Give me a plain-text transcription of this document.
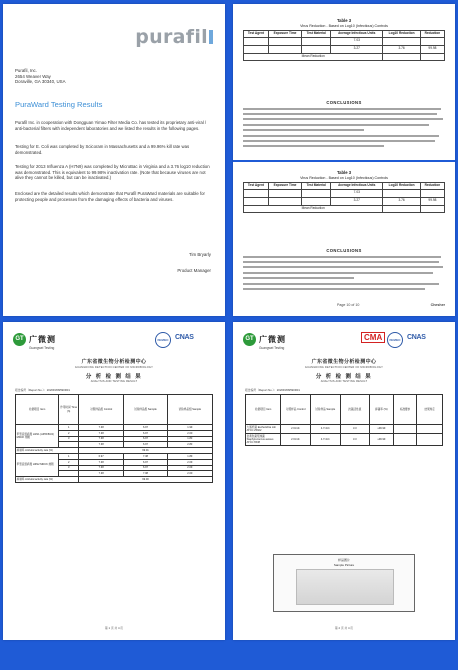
purafil
Purafil, Inc.
2654 Weaver Way
Doraville, GA 30340, USA
PuraWard Testing Results
Purafil Inc. in cooperation with Dongguan Yimao Filter Media Co. has tested its proprietary anti-viral / anti-bacterial filters with independent laboratories and we listed the results in the following pages.
Testing for E. Coli was completed by Scicoram in Massachusetts and a 99.96% kill rate was demonstrated.
Testing for 2013 Influenza A (H7N9) was completed by MicroBac in Virginia and a 3.76 log10 reduction was demonstrated. This is equivalent to 99.98% inactivation rate. (Note that because viruses are not alive they cannot be killed, but can be inactivated.)
Enclosed are the detailed results which demonstrate that Purafil PuraWard materials are suitable for protecting people and processes from the damaging effects of bacteria and viruses.
Tim Bryarly
Product Manager
Table 3
Virus Reduction - Based on Log10 (Infectious) Controls
Test Agent	Exposure Time	Test Material	Average Infectious Units	Log10 Reduction	Reduction
			7.03		
			3.27	3.76	99.98
Mean Reduction					
CONCLUSIONS
Table 3
Virus Reduction - Based on Log10 (Infectious) Controls
Test Agent	Exposure Time	Test Material	Average Infectious Units	Log10 Reduction	Reduction
			7.03		
			3.27	3.76	99.98
Mean Reduction					
CONCLUSIONS
Page 10 of 10	Chesher
GT 广微测
Guangwei Testing
ISO/IEC CNAS
广东省微生物分析检测中心
GUANGDONG DETECTION CENTER OF MICROBIOLOGY
分 析 检 测 结 果
ANALYSIS AND TESTING RESULT
报告编号（Report No.）：2020FM09590R01
检测项目 Item	作用时间 Time (h)	对照样品组 Control	试验样品组 Sample	试验样品组 Sample
甲型流感病毒 H1N1 (A/PR/8/34) MDCK 细胞	1	7.38	6.97	1.99
	2	7.38	6.97	2.00
	3	7.38	6.97	1.83
		7.38	6.97	2.83
抑制率 Antiviral activity rate (%)		99.01		
甲型流感病毒 H3N2 MDCK 细胞	1	6.97	7.38	1.89
	2	7.38	6.97	2.09
	3	7.38	6.97	2.09
		7.38	7.08	2.00
抑制率 Antiviral activity rate (%)		99.00		
第 1 页 共 4 页
GT 广微测
Guangwei Testing
CMA	ISO/IEC CNAS
广东省微生物分析检测中心
GUANGDONG DETECTION CENTER OF MICROBIOLOGY
分 析 检 测 结 果
ANALYSIS AND TESTING RESULT
报告编号（Report No.）：2020FM09590R01
检测项目 Item	对照样品 Control	试验样品 Sample	抗菌活性值	抑菌率 (%)	标准要求	结果判定
大肠杆菌 Escherichia coli ATCC 25922	2.6×10⁵	4.7×10¹	3.3	≥99.99		
金黄色葡萄球菌 Staphylococcus aureus ATCC 6538	2.6×10⁵	4.7×10¹	3.3	≥99.99		
样品图片
Sample Picture
第 2 页 共 4 页
